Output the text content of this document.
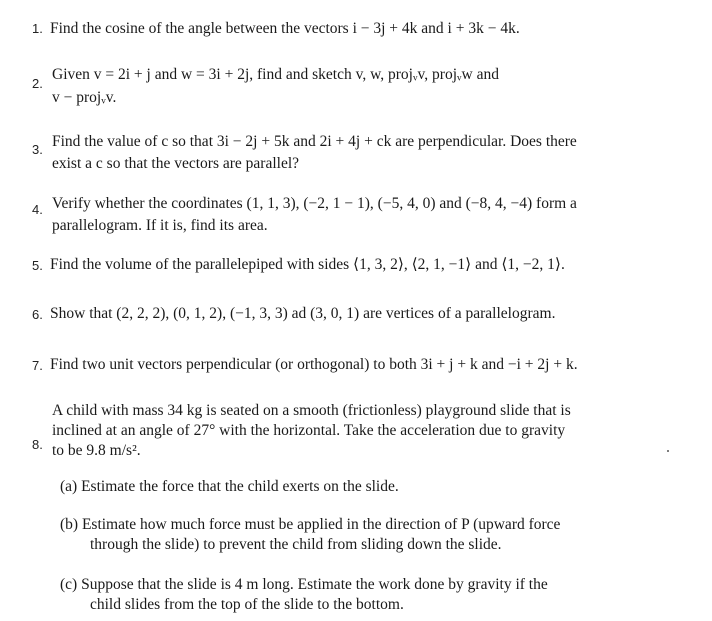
1. Find the cosine of the angle between the vectors i − 3j + 4k and i + 3k − 4k.
2.
Given v = 2i + j and w = 3i + 2j, find and sketch v, w, projᵥv, projᵥw and
v − projᵥv.
3. Find the value of c so that 3i − 2j + 5k and 2i + 4j + ck are perpendicular. Does there
exist a c so that the vectors are parallel?
4. Verify whether the coordinates (1, 1, 3), (−2, 1 − 1), (−5, 4, 0) and (−8, 4, −4) form a
parallelogram. If it is, find its area.
5. Find the volume of the parallelepiped with sides ⟨1, 3, 2⟩, ⟨2, 1, −1⟩ and ⟨1, −2, 1⟩.
6. Show that (2, 2, 2), (0, 1, 2), (−1, 3, 3) ad (3, 0, 1) are vertices of a parallelogram.
7. Find two unit vectors perpendicular (or orthogonal) to both 3i + j + k and −i + 2j + k.
8.
A child with mass 34 kg is seated on a smooth (frictionless) playground slide that is
inclined at an angle of 27° with the horizontal. Take the acceleration due to gravity
to be 9.8 m/s².
(a) Estimate the force that the child exerts on the slide.
(b) Estimate how much force must be applied in the direction of P (upward force
through the slide) to prevent the child from sliding down the slide.
(c) Suppose that the slide is 4 m long. Estimate the work done by gravity if the
child slides from the top of the slide to the bottom.
